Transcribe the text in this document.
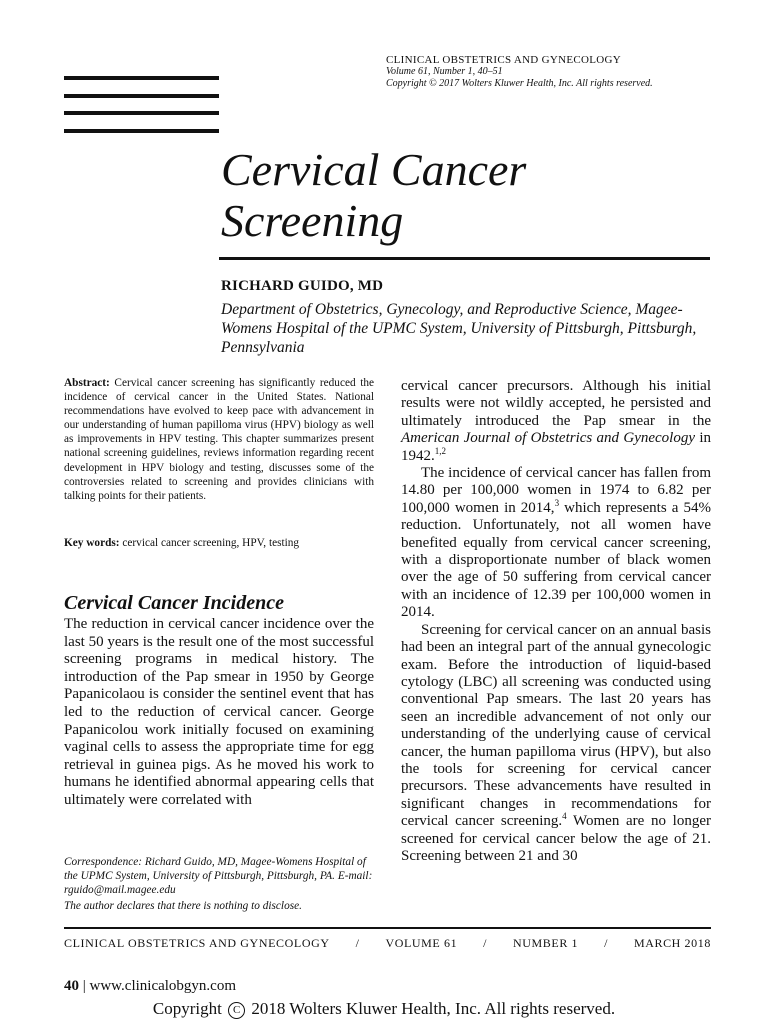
CLINICAL OBSTETRICS AND GYNECOLOGY
Volume 61, Number 1, 40–51
Copyright © 2017 Wolters Kluwer Health, Inc. All rights reserved.
Cervical Cancer
Screening
RICHARD GUIDO, MD
Department of Obstetrics, Gynecology, and Reproductive Science, Magee-Womens Hospital of the UPMC System, University of Pittsburgh, Pittsburgh, Pennsylvania
Abstract: Cervical cancer screening has significantly reduced the incidence of cervical cancer in the United States. National recommendations have evolved to keep pace with advancement in our understanding of human papilloma virus (HPV) biology as well as improvements in HPV testing. This chapter summarizes present national screening guidelines, reviews information regarding recent development in HPV biology and testing, discusses some of the controversies related to screening and provides clinicians with talking points for their patients.
Key words: cervical cancer screening, HPV, testing
Cervical Cancer Incidence
The reduction in cervical cancer incidence over the last 50 years is the result one of the most successful screening programs in medical history. The introduction of the Pap smear in 1950 by George Papanicolaou is consider the sentinel event that has led to the reduction of cervical cancer. George Papanicolou work initially focused on examining vaginal cells to assess the appropriate time for egg retrieval in guinea pigs. As he moved his work to humans he identified abnormal appearing cells that ultimately were correlated with
Correspondence: Richard Guido, MD, Magee-Womens Hospital of the UPMC System, University of Pittsburgh, Pittsburgh, PA. E-mail: rguido@mail.magee.edu
The author declares that there is nothing to disclose.

cervical cancer precursors. Although his initial results were not wildly accepted, he persisted and ultimately introduced the Pap smear in the American Journal of Obstetrics and Gynecology in 1942.$^{1,2}$

The incidence of cervical cancer has fallen from 14.80 per 100,000 women in 1974 to 6.82 per 100,000 women in 2014,$^3$ which represents a 54% reduction. Unfortunately, not all women have benefited equally from cervical cancer screening, with a disproportionate number of black women over the age of 50 suffering from cervical cancer with an incidence of 12.39 per 100,000 women in 2014.

Screening for cervical cancer on an annual basis had been an integral part of the annual gynecologic exam. Before the introduction of liquid-based cytology (LBC) all screening was conducted using conventional Pap smears. The last 20 years has seen an incredible advancement of not only our understanding of the underlying cause of cervical cancer, the human papilloma virus (HPV), but also the tools for screening for cervical cancer precursors. These advancements have resulted in significant changes in recommendations for cervical cancer screening.$^4$ Women are no longer screened for cervical cancer below the age of 21. Screening between 21 and 30

CLINICAL OBSTETRICS AND GYNECOLOGY / VOLUME 61 / NUMBER 1 / MARCH 2018
40 | www.clinicalobgyn.com
Copyright C 2018 Wolters Kluwer Health, Inc. All rights reserved.
